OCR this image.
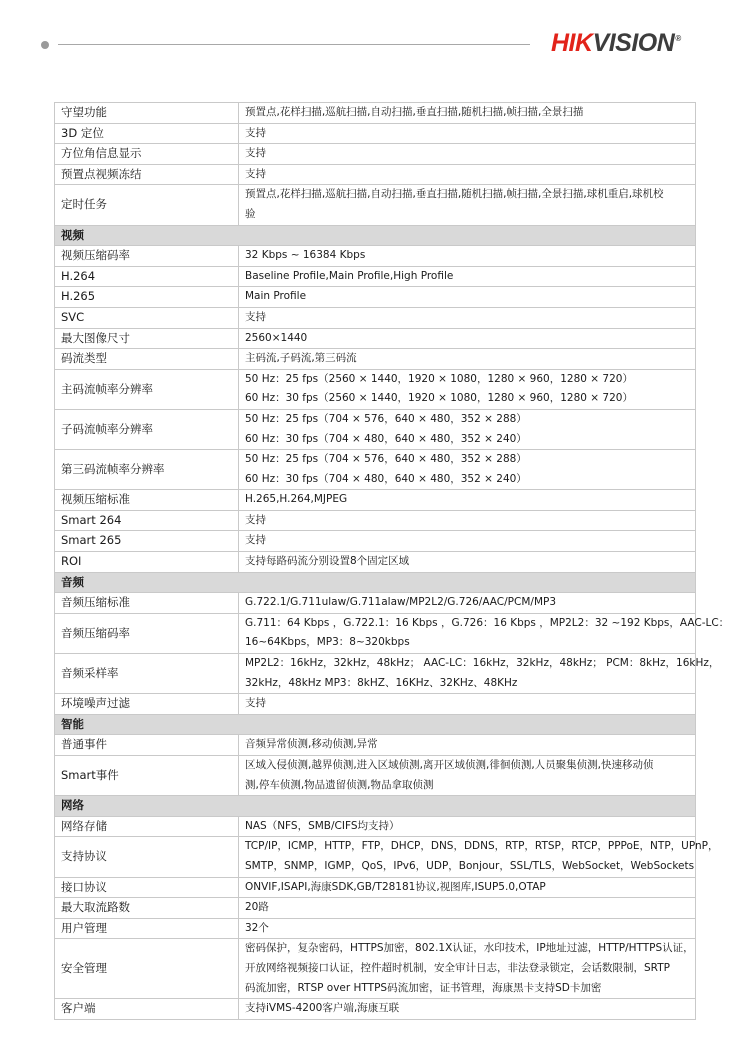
HIKVISION®
守望功能	预置点,花样扫描,巡航扫描,自动扫描,垂直扫描,随机扫描,帧扫描,全景扫描

3D 定位	支持

方位角信息显示	支持

预置点视频冻结	支持

定时任务	预置点,花样扫描,巡航扫描,自动扫描,垂直扫描,随机扫描,帧扫描,全景扫描,球机重启,球机校
验

视频	
视频压缩码率	32 Kbps ~ 16384 Kbps

H.264	Baseline Profile,Main Profile,High Profile

H.265	Main Profile

SVC	支持

最大图像尺寸	2560×1440

码流类型	主码流,子码流,第三码流

主码流帧率分辨率	50 Hz：25 fps（2560 × 1440，1920 × 1080，1280 × 960，1280 × 720）
60 Hz：30 fps（2560 × 1440，1920 × 1080，1280 × 960，1280 × 720）

子码流帧率分辨率	50 Hz：25 fps（704 × 576，640 × 480，352 × 288）
60 Hz：30 fps（704 × 480，640 × 480，352 × 240）

第三码流帧率分辨率	50 Hz：25 fps（704 × 576，640 × 480，352 × 288）
60 Hz：30 fps（704 × 480，640 × 480，352 × 240）

视频压缩标准	H.265,H.264,MJPEG

Smart 264	支持

Smart 265	支持

ROI	支持每路码流分别设置8个固定区域

音频	
音频压缩标准	G.722.1/G.711ulaw/G.711alaw/MP2L2/G.726/AAC/PCM/MP3

音频压缩码率	G.711：64 Kbps ，G.722.1：16 Kbps ，G.726：16 Kbps ，MP2L2：32 ~192 Kbps，AAC-LC：
16~64Kbps，MP3：8~320kbps

音频采样率	MP2L2：16kHz，32kHz，48kHz； AAC-LC：16kHz，32kHz，48kHz； PCM：8kHz，16kHz，
32kHz，48kHz MP3：8kHZ、16KHz、32KHz、48KHz

环境噪声过滤	支持

智能	
普通事件	音频异常侦测,移动侦测,异常

Smart事件	区域入侵侦测,越界侦测,进入区域侦测,离开区域侦测,徘徊侦测,人员聚集侦测,快速移动侦
测,停车侦测,物品遗留侦测,物品拿取侦测

网络	
网络存储	NAS（NFS，SMB/CIFS均支持）

支持协议	TCP/IP，ICMP，HTTP，FTP，DHCP，DNS，DDNS，RTP，RTSP，RTCP，PPPoE，NTP，UPnP，
SMTP，SNMP，IGMP，QoS，IPv6，UDP，Bonjour，SSL/TLS，WebSocket，WebSockets

接口协议	ONVIF,ISAPI,海康SDK,GB/T28181协议,视图库,ISUP5.0,OTAP

最大取流路数	20路

用户管理	32个

安全管理	密码保护，复杂密码，HTTPS加密，802.1X认证，水印技术，IP地址过滤，HTTP/HTTPS认证，
开放网络视频接口认证，控件超时机制，安全审计日志，非法登录锁定，会话数限制，SRTP
码流加密，RTSP over HTTPS码流加密，证书管理，海康黑卡支持SD卡加密

客户端	支持iVMS-4200客户端,海康互联
